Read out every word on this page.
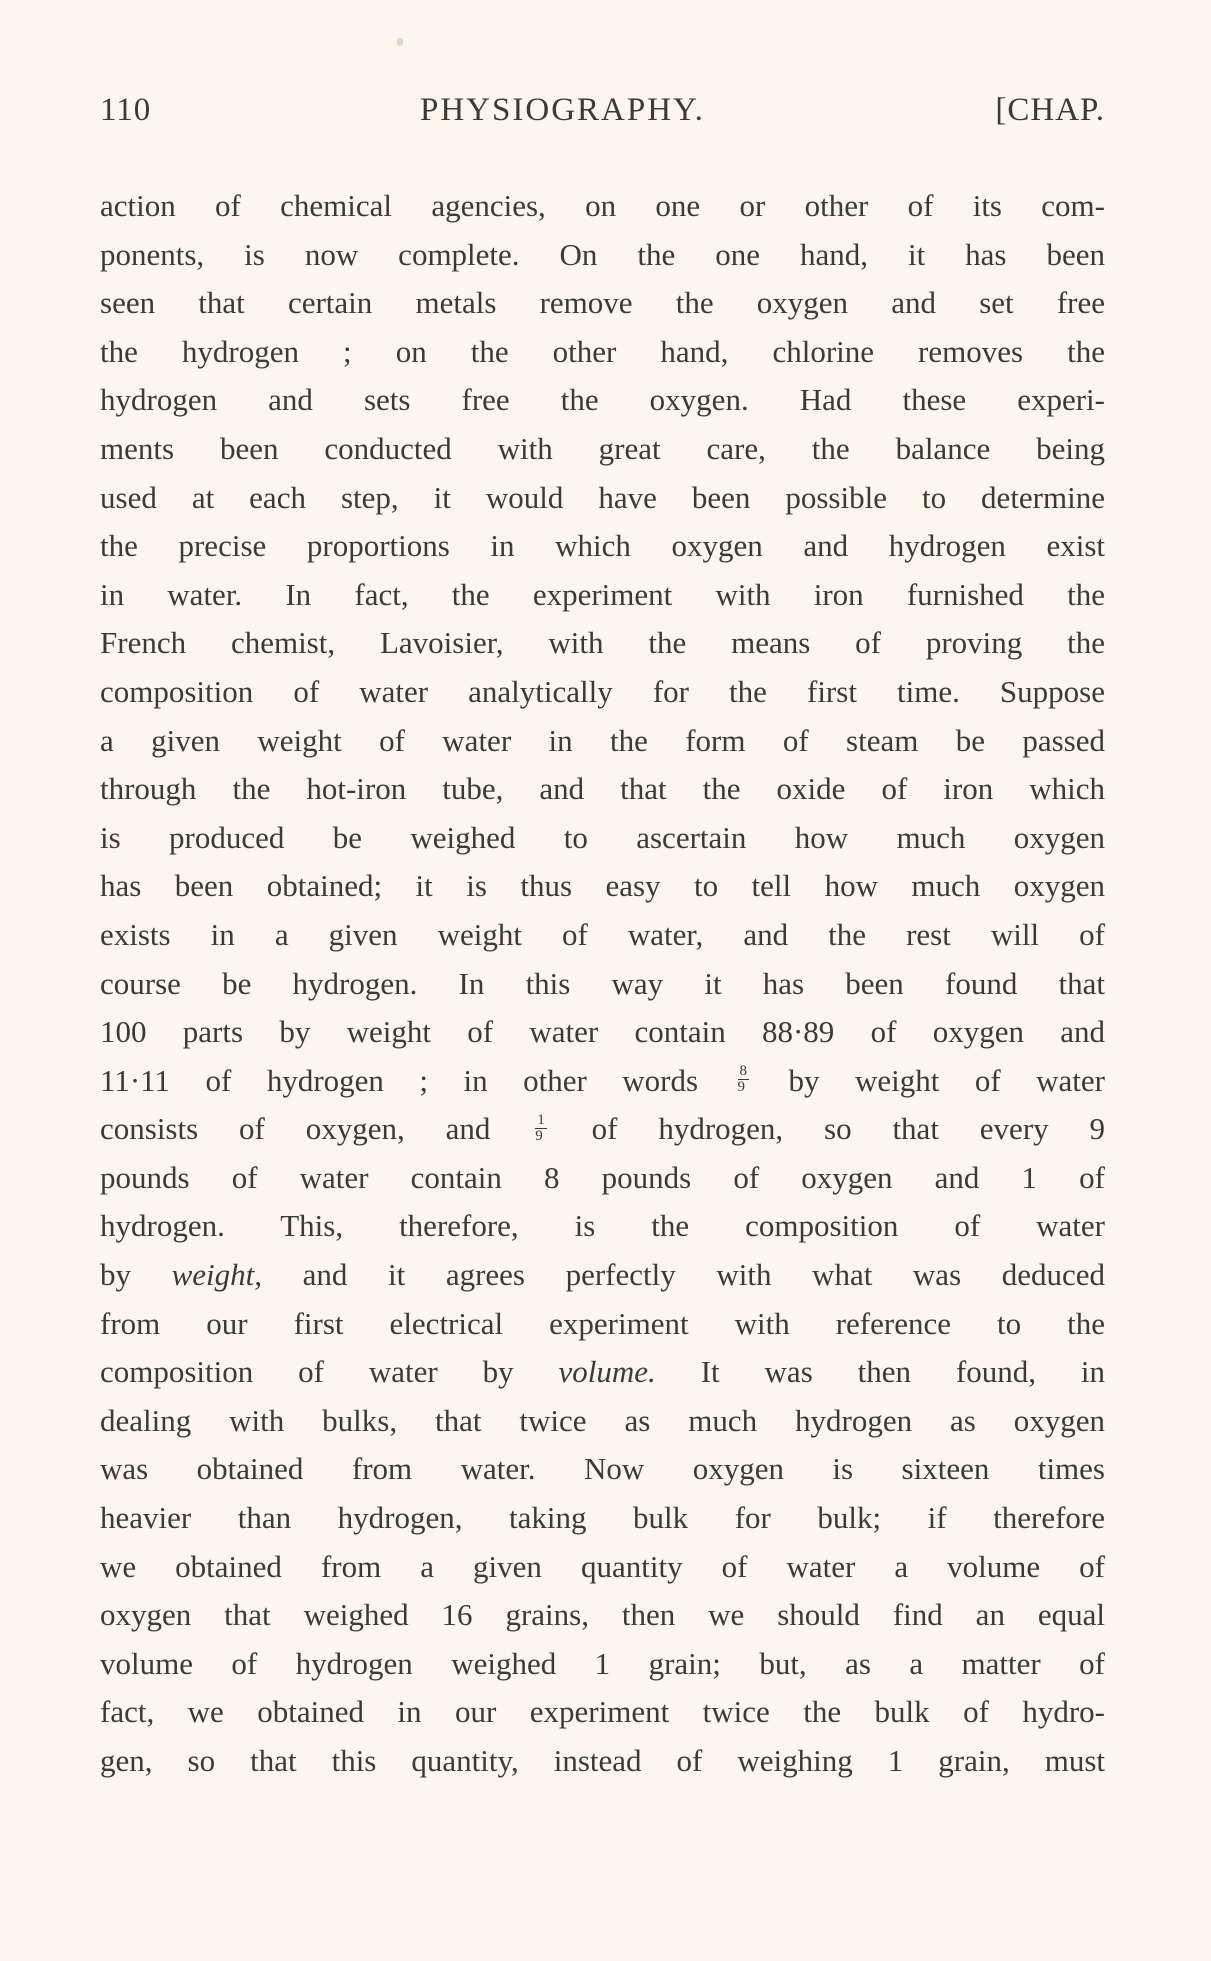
110	PHYSIOGRAPHY.	[CHAP.
action of chemical agencies, on one or other of its com-
ponents, is now complete. On the one hand, it has been
seen that certain metals remove the oxygen and set free
the hydrogen ; on the other hand, chlorine removes the
hydrogen and sets free the oxygen. Had these experi-
ments been conducted with great care, the balance being
used at each step, it would have been possible to determine
the precise proportions in which oxygen and hydrogen exist
in water. In fact, the experiment with iron furnished the
French chemist, Lavoisier, with the means of proving the
composition of water analytically for the first time. Suppose
a given weight of water in the form of steam be passed
through the hot-iron tube, and that the oxide of iron which
is produced be weighed to ascertain how much oxygen
has been obtained; it is thus easy to tell how much oxygen
exists in a given weight of water, and the rest will of
course be hydrogen. In this way it has been found that
100 parts by weight of water contain 88·89 of oxygen and
11·11 of hydrogen ; in other words	$\frac{8}{9}$ by weight of water
consists of oxygen, and	$\frac{1}{9}$ of hydrogen, so that every 9
pounds of water contain 8 pounds of oxygen and 1 of
hydrogen. This, therefore, is the composition of water
by weight, and it agrees perfectly with what was deduced
from our first electrical experiment with reference to the
composition of water by volume. It was then found, in
dealing with bulks, that twice as much hydrogen as oxygen
was obtained from water. Now oxygen is sixteen times
heavier than hydrogen, taking bulk for bulk; if therefore
we obtained from a given quantity of water a volume of
oxygen that weighed 16 grains, then we should find an equal
volume of hydrogen weighed 1 grain; but, as a matter of
fact, we obtained in our experiment twice the bulk of hydro-
gen, so that this quantity, instead of weighing 1 grain, must
